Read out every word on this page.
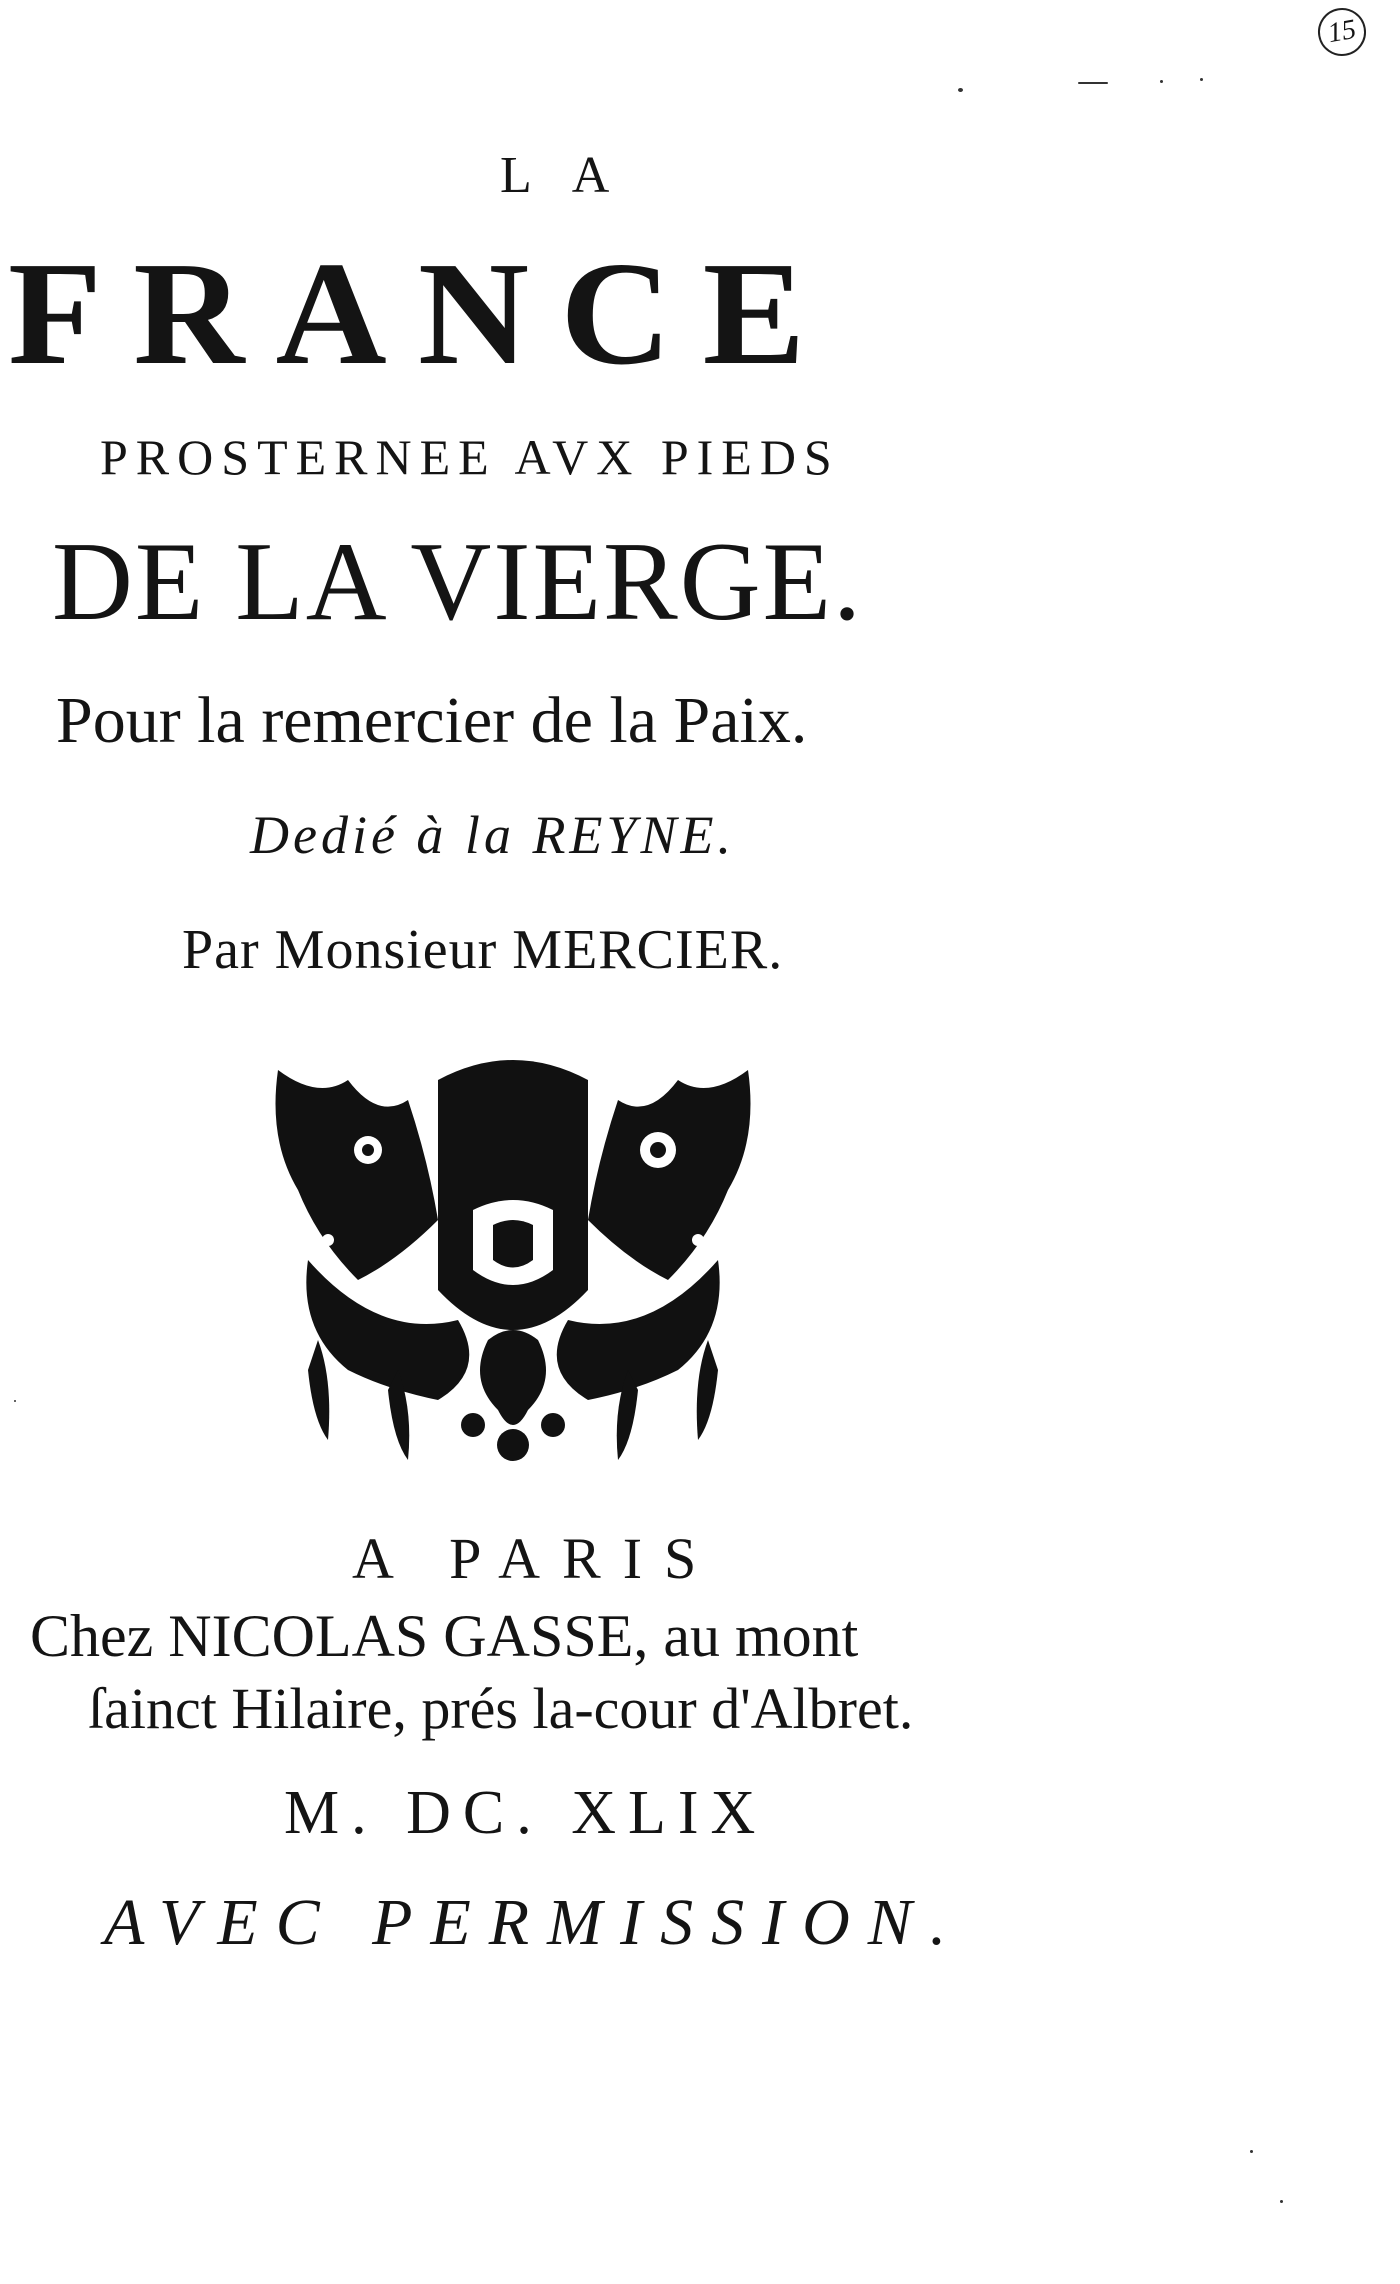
15
LA
FRANCE
PROSTERNEE AVX PIEDS
DE LA VIERGE.
Pour la remercier de la Paix.
Dedié à la REYNE.
Par Monsieur MERCIER.
A PARIS
Chez NICOLAS GASSE, au mont
ſainct Hilaire, prés la-cour d'Albret.
M. DC. XLIX
AVEC PERMISSION.
